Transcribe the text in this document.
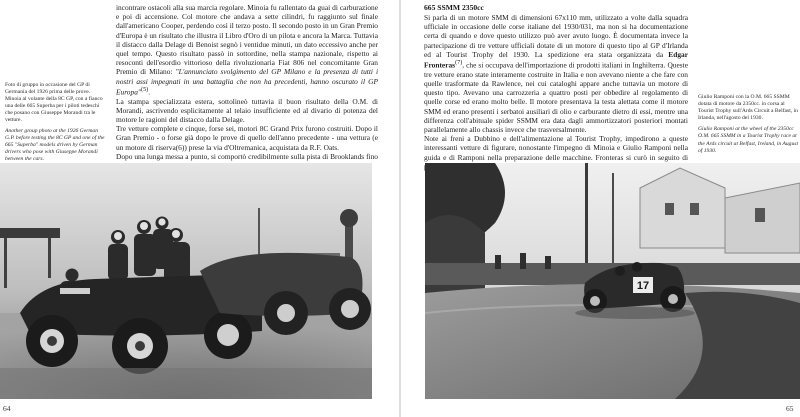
Foto di gruppo in occasione del GP di Germania del 1926 prima delle prove. Minoia al volante della 8C GP, con a fianco una delle 665 Superba per i piloti tedeschi che posano con Giuseppe Morandi tra le vetture.

Another group photo at the 1926 German G.P. before testing the 8C GP and one of the 665 "Superba" models driven by German drivers who pose with Giuseppe Morandi between the cars.

incontrare ostacoli alla sua marcia regolare. Minoia fu rallentato da guai di carburazione e poi di accensione. Col motore che andava a sette cilindri, fu raggiunto sul finale dall'americano Cooper, perdendo così il terzo posto. Il secondo posto in un Gran Premio d'Europa è un risultato che illustra il Libro d'Oro di un pilota e ancora la Marca. Tuttavia il distacco dalla Delage di Benoist segnò i ventidue minuti, un dato eccessivo anche per quel tempo. Questo risultato passò in sottordine, nella stampa nazionale, rispetto ai resoconti dell'esordio vittorioso della rivoluzionaria Fiat 806 nel concomitante Gran Premio di Milano: "L'annunciato svolgimento del GP Milano e la presenza di tutti i nostri assi impegnati in una battaglia che non ha precedenti, hanno oscurato il GP Europa"$^{(5)}$.

La stampa specializzata estera, sottolineò tuttavia il buon risultato della O.M. di Morandi, ascrivendo esplicitamente al telaio insufficiente ed al divario di potenza del motore le ragioni del distacco dalla Delage.

Tre vetture complete e cinque, forse sei, motori 8C Grand Prix furono costruiti. Dopo il Gran Premio - o forse già dopo le prove di quello dell'anno precedente - una vettura (e un motore di riserva(6)) prese la via d'Oltremanica, acquistata da R.F. Oats.

Dopo una lunga messa a punto, si comportò credibilmente sulla pista di Brooklands fino

64
665 SSMM 2350cc

Si parla di un motore SMM di dimensioni 67x110 mm, utilizzato a volte dalla squadra ufficiale in occasione delle corse italiane del 1930/031, ma non si ha documentazione certa di quando e dove questo utilizzo può aver avuto luogo. È documentata invece la partecipazione di tre vetture ufficiali dotate di un motore di questo tipo al GP d'Irlanda ed al Tourist Trophy del 1930. La spedizione era stata organizzata da Edgar Fronteras$^{(7)}$, che si occupava dell'importazione di prodotti italiani in Inghilterra. Queste tre vetture erano state interamente costruite in Italia e non avevano niente a che fare con quelle trasformate da Rawlence, nei cui cataloghi appare anche tuttavia un motore di questo tipo. Avevano una carrozzeria a quattro posti per obbedire al regolamento di quelle corse ed erano molto belle. Il motore presentava la testa alettata come il motore SMM ed erano presenti i serbatoi ausiliari di olio e carburante dietro di essi, mentre una differenza coll'abituale spider SSMM era data dagli ammortizzatori posteriori montati parallelamente allo chassis invece che trasversalmente.

Note ai freni a Dubbino e dell'alimentazione al Tourist Trophy, impedirono a queste interessanti vetture di figurare, nonostante l'impegno di Minoia e Giulio Ramponi nella guida e di Ramponi nella preparazione delle macchine. Fronteras si curò in seguito di

Giulio Ramponi con la O.M. 665 SSMM dotata di motore da 2350cc. in corsa al Tourist Trophy sull'Ards Circuit a Belfast, in Irlanda, nell'agosto del 1930.

Giulio Ramponi at the wheel of the 2350cc O.M. 665 SSMM in a Tourist Trophy race at the Ards circuit at Belfast, Ireland, in August of 1930.

17
65
